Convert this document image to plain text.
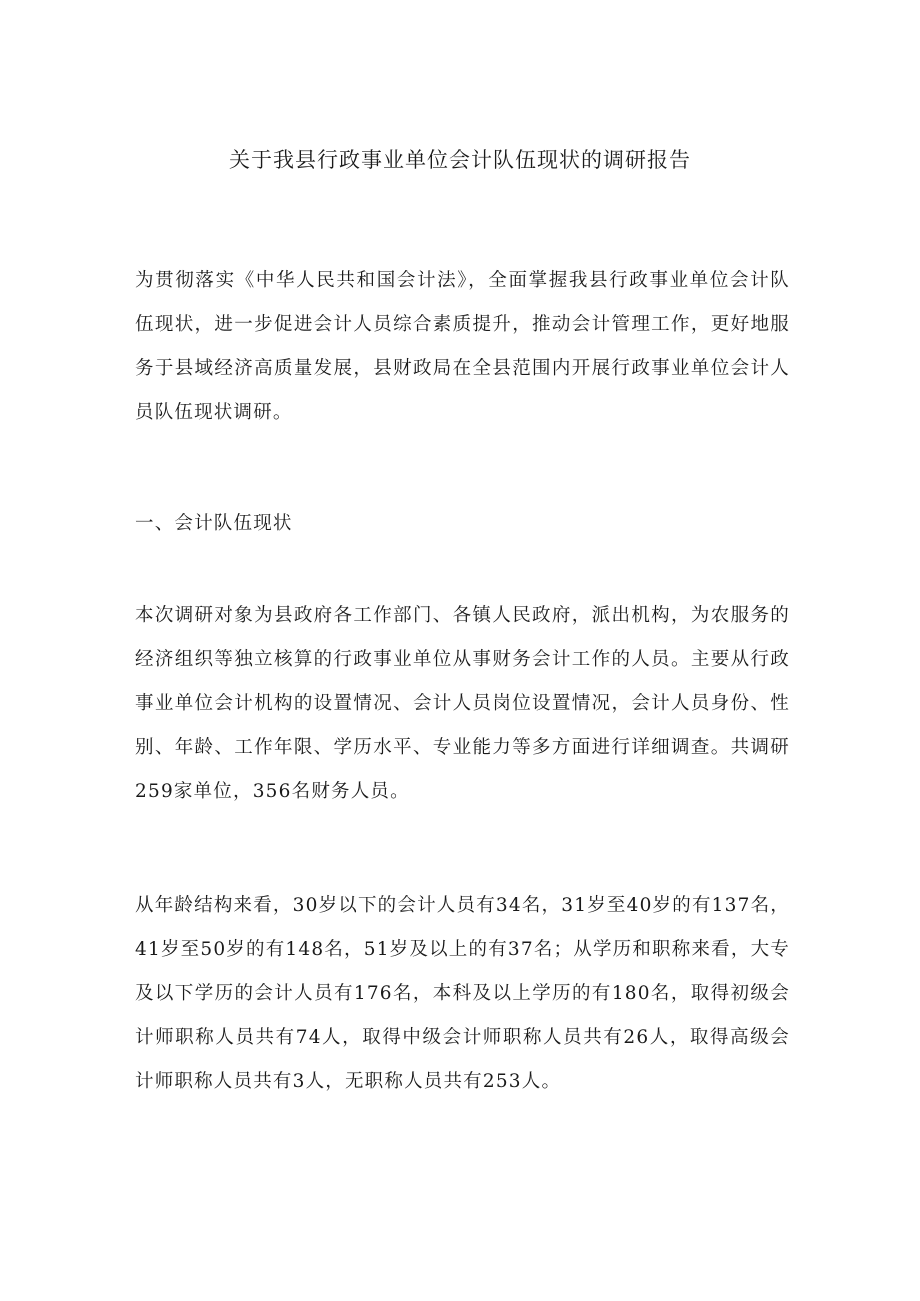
关于我县行政事业单位会计队伍现状的调研报告

为贯彻落实《中华人民共和国会计法》，全面掌握我县行政事业单位会计队伍现状，进一步促进会计人员综合素质提升，推动会计管理工作，更好地服务于县域经济高质量发展，县财政局在全县范围内开展行政事业单位会计人员队伍现状调研。

一、会计队伍现状

本次调研对象为县政府各工作部门、各镇人民政府，派出机构，为农服务的经济组织等独立核算的行政事业单位从事财务会计工作的人员。主要从行政事业单位会计机构的设置情况、会计人员岗位设置情况，会计人员身份、性别、年龄、工作年限、学历水平、专业能力等多方面进行详细调查。共调研259家单位，356名财务人员。

从年龄结构来看，30岁以下的会计人员有34名，31岁至40岁的有137名，41岁至50岁的有148名，51岁及以上的有37名；从学历和职称来看，大专及以下学历的会计人员有176名，本科及以上学历的有180名，取得初级会计师职称人员共有74人，取得中级会计师职称人员共有26人，取得高级会计师职称人员共有3人，无职称人员共有253人。
